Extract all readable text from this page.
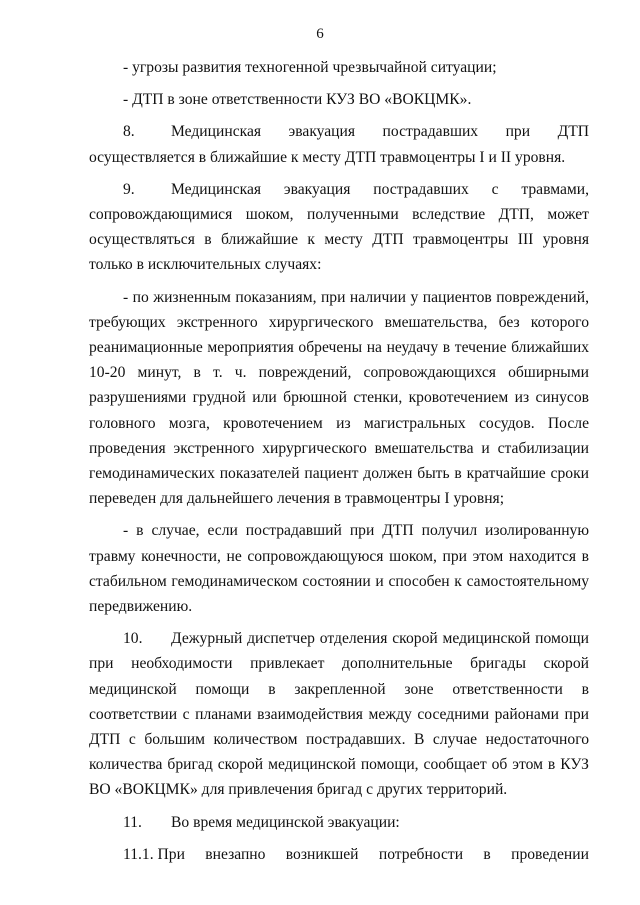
6

- угрозы развития техногенной чрезвычайной ситуации;

- ДТП в зоне ответственности КУЗ ВО «ВОКЦМК».

8. Медицинская эвакуация пострадавших при ДТП осуществляется в ближайшие к месту ДТП травмоцентры I и II уровня.

9. Медицинская эвакуация пострадавших с травмами, сопровождающимися шоком, полученными вследствие ДТП, может осуществляться в ближайшие к месту ДТП травмоцентры III уровня только в исключительных случаях:

- по жизненным показаниям, при наличии у пациентов повреждений, требующих экстренного хирургического вмешательства, без которого реанимационные мероприятия обречены на неудачу в течение ближайших 10-20 минут, в т. ч. повреждений, сопровождающихся обширными разрушениями грудной или брюшной стенки, кровотечением из синусов головного мозга, кровотечением из магистральных сосудов. После проведения экстренного хирургического вмешательства и стабилизации гемодинамических показателей пациент должен быть в кратчайшие сроки переведен для дальнейшего лечения в травмоцентры I уровня;

- в случае, если пострадавший при ДТП получил изолированную травму конечности, не сопровождающуюся шоком, при этом находится в стабильном гемодинамическом состоянии и способен к самостоятельному передвижению.

10. Дежурный диспетчер отделения скорой медицинской помощи при необходимости привлекает дополнительные бригады скорой медицинской помощи в закрепленной зоне ответственности в соответствии с планами взаимодействия между соседними районами при ДТП с большим количеством пострадавших. В случае недостаточного количества бригад скорой медицинской помощи, сообщает об этом в КУЗ ВО «ВОКЦМК» для привлечения бригад с других территорий.

11. Во время медицинской эвакуации:

11.1. При внезапно возникшей потребности в проведении
